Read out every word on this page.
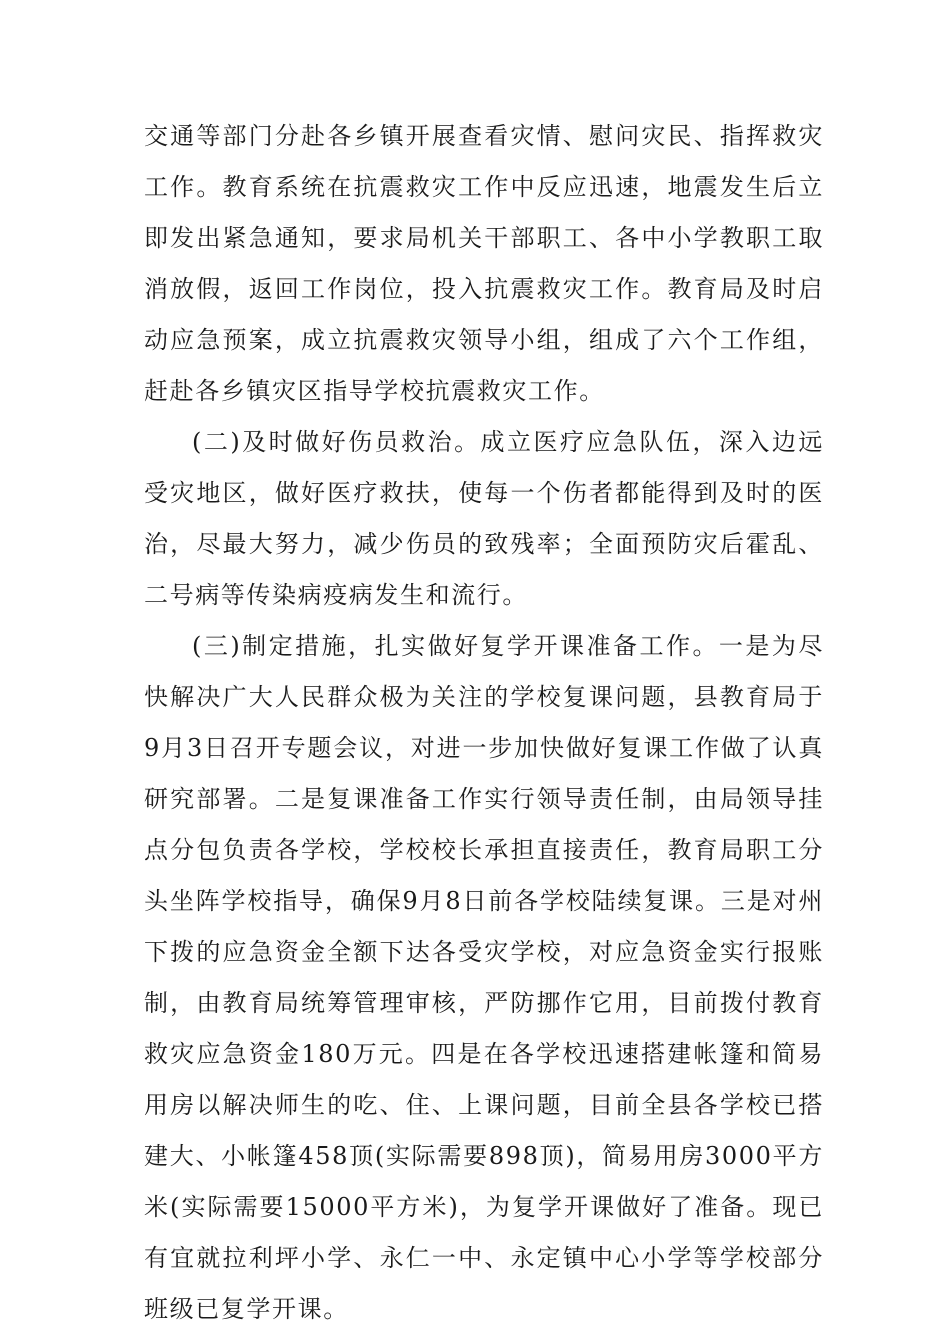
交通等部门分赴各乡镇开展查看灾情、慰问灾民、指挥救灾工作。教育系统在抗震救灾工作中反应迅速，地震发生后立即发出紧急通知，要求局机关干部职工、各中小学教职工取消放假，返回工作岗位，投入抗震救灾工作。教育局及时启动应急预案，成立抗震救灾领导小组，组成了六个工作组，赶赴各乡镇灾区指导学校抗震救灾工作。

(二)及时做好伤员救治。成立医疗应急队伍，深入边远受灾地区，做好医疗救扶，使每一个伤者都能得到及时的医治，尽最大努力，减少伤员的致残率；全面预防灾后霍乱、二号病等传染病疫病发生和流行。

(三)制定措施，扎实做好复学开课准备工作。一是为尽快解决广大人民群众极为关注的学校复课问题，县教育局于9月3日召开专题会议，对进一步加快做好复课工作做了认真研究部署。二是复课准备工作实行领导责任制，由局领导挂点分包负责各学校，学校校长承担直接责任，教育局职工分头坐阵学校指导，确保9月8日前各学校陆续复课。三是对州下拨的应急资金全额下达各受灾学校，对应急资金实行报账制，由教育局统筹管理审核，严防挪作它用，目前拨付教育救灾应急资金180万元。四是在各学校迅速搭建帐篷和简易用房以解决师生的吃、住、上课问题，目前全县各学校已搭建大、小帐篷458顶(实际需要898顶)，简易用房3000平方米(实际需要15000平方米)，为复学开课做好了准备。现已有宜就拉利坪小学、永仁一中、永定镇中心小学等学校部分班级已复学开课。
